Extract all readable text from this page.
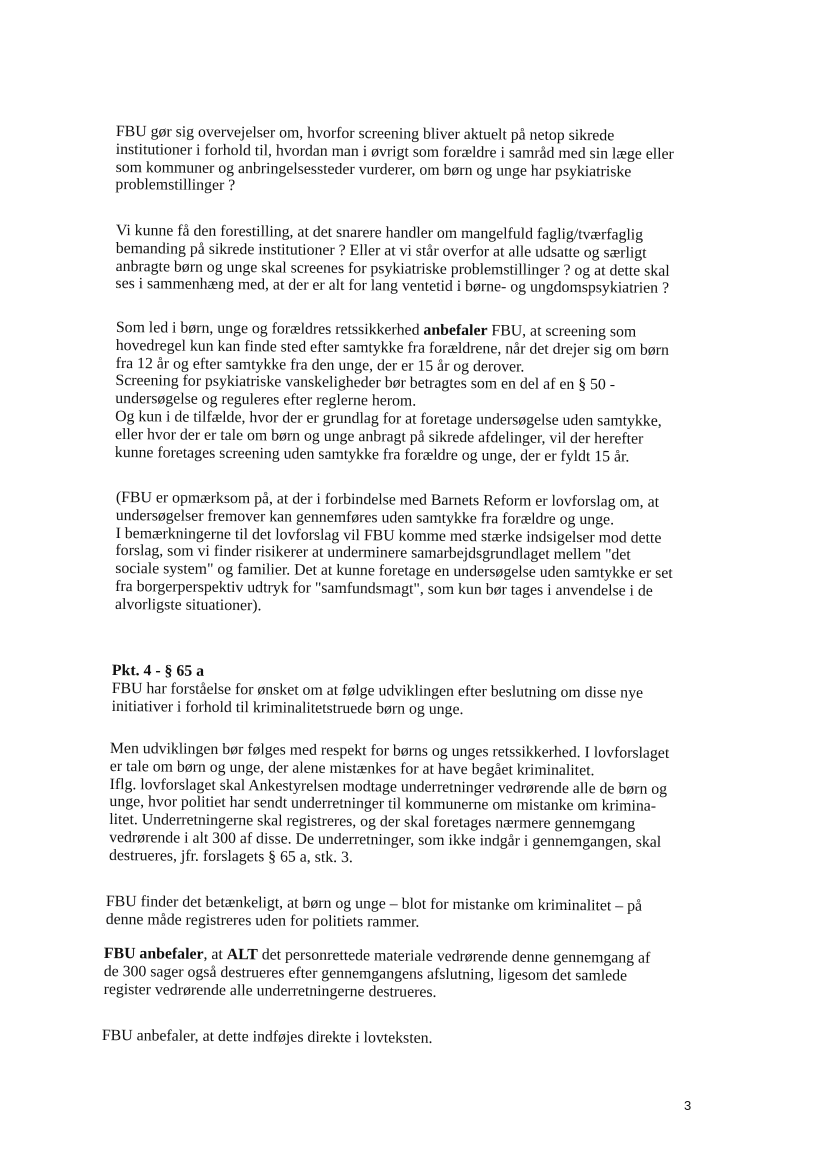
FBU gør sig overvejelser om, hvorfor screening bliver aktuelt på netop sikrede
institutioner i forhold til, hvordan man i øvrigt som forældre i samråd med sin læge eller
som kommuner og anbringelsessteder vurderer, om børn og unge har psykiatriske
problemstillinger ?
Vi kunne få den forestilling, at det snarere handler om mangelfuld faglig/tværfaglig
bemanding på sikrede institutioner ? Eller at vi står overfor at alle udsatte og særligt
anbragte børn og unge skal screenes for psykiatriske problemstillinger ? og at dette skal
ses i sammenhæng med, at der er alt for lang ventetid i børne- og ungdomspsykiatrien ?
Som led i børn, unge og forældres retssikkerhed anbefaler FBU, at screening som
hovedregel kun kan finde sted efter samtykke fra forældrene, når det drejer sig om børn
fra 12 år og efter samtykke fra den unge, der er 15 år og derover.
Screening for psykiatriske vanskeligheder bør betragtes som en del af en § 50 -
undersøgelse og reguleres efter reglerne herom.
Og kun i de tilfælde, hvor der er grundlag for at foretage undersøgelse uden samtykke,
eller hvor der er tale om børn og unge anbragt på sikrede afdelinger, vil der herefter
kunne foretages screening uden samtykke fra forældre og unge, der er fyldt 15 år.
(FBU er opmærksom på, at der i forbindelse med Barnets Reform er lovforslag om, at
undersøgelser fremover kan gennemføres uden samtykke fra forældre og unge.
I bemærkningerne til det lovforslag vil FBU komme med stærke indsigelser mod dette
forslag, som vi finder risikerer at underminere samarbejdsgrundlaget mellem "det
sociale system" og familier. Det at kunne foretage en undersøgelse uden samtykke er set
fra borgerperspektiv udtryk for "samfundsmagt", som kun bør tages i anvendelse i de
alvorligste situationer).
Pkt. 4 - § 65 a
FBU har forståelse for ønsket om at følge udviklingen efter beslutning om disse nye
initiativer i forhold til kriminalitetstruede børn og unge.
Men udviklingen bør følges med respekt for børns og unges retssikkerhed. I lovforslaget
er tale om børn og unge, der alene mistænkes for at have begået kriminalitet.
Iflg. lovforslaget skal Ankestyrelsen modtage underretninger vedrørende alle de børn og
unge, hvor politiet har sendt underretninger til kommunerne om mistanke om krimina-
litet. Underretningerne skal registreres, og der skal foretages nærmere gennemgang
vedrørende i alt 300 af disse. De underretninger, som ikke indgår i gennemgangen, skal
destrueres, jfr. forslagets § 65 a, stk. 3.
FBU finder det betænkeligt, at børn og unge – blot for mistanke om kriminalitet – på
denne måde registreres uden for politiets rammer.
FBU anbefaler, at ALT det personrettede materiale vedrørende denne gennemgang af
de 300 sager også destrueres efter gennemgangens afslutning, ligesom det samlede
register vedrørende alle underretningerne destrueres.
FBU anbefaler, at dette indføjes direkte i lovteksten.
3
